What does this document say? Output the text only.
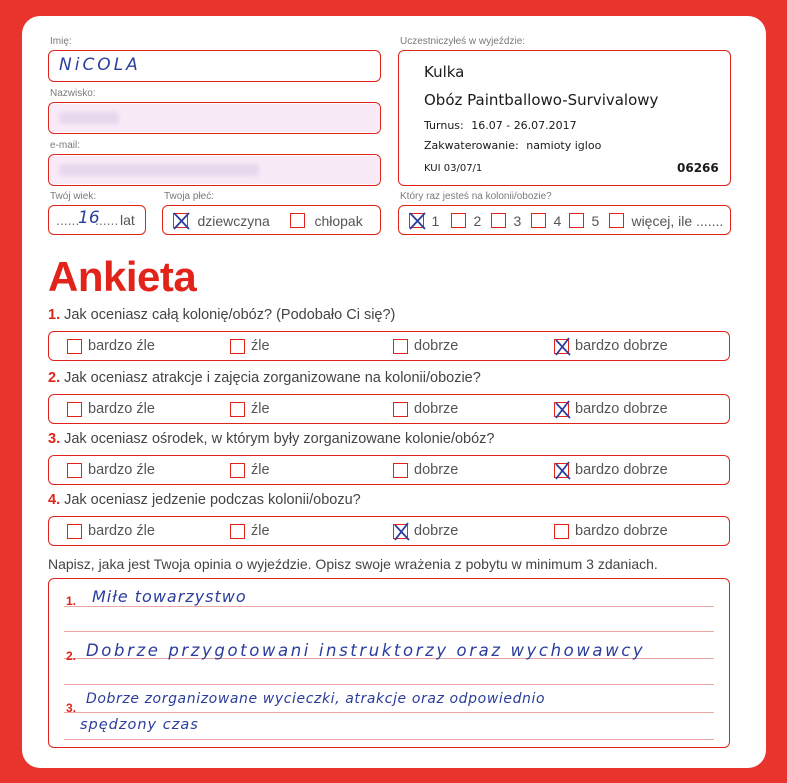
Imię:
NiCOLA
Nazwisko:
e-mail:
Twój wiek:
......
16
...... lat
Twoja płeć:
dziewczyna	chłopak
Uczestniczyłeś w wyjeździe:
Kulka
Obóz Paintballowo-Survivalowy
Turnus: 16.07 - 26.07.2017
Zakwaterowanie: namioty igloo
KUI 03/07/1	06266
Który raz jesteś na kolonii/obozie?
1	2	3	4	5	więcej, ile .......
Ankieta
1. Jak oceniasz całą kolonię/obóz? (Podobało Ci się?)
bardzo źle	źle	dobrze	bardzo dobrze
2. Jak oceniasz atrakcje i zajęcia zorganizowane na kolonii/obozie?
bardzo źle	źle	dobrze	bardzo dobrze
3. Jak oceniasz ośrodek, w którym były zorganizowane kolonie/obóz?
bardzo źle	źle	dobrze	bardzo dobrze
4. Jak oceniasz jedzenie podczas kolonii/obozu?
bardzo źle	źle	dobrze	bardzo dobrze
Napisz, jaka jest Twoja opinia o wyjeździe. Opisz swoje wrażenia z pobytu w minimum 3 zdaniach.
1. Miłe towarzystwo
2. Dobrze przygotowani instruktorzy oraz wychowawcy
3.
Dobrze zorganizowane wycieczki, atrakcje oraz odpowiednio
spędzony czas
